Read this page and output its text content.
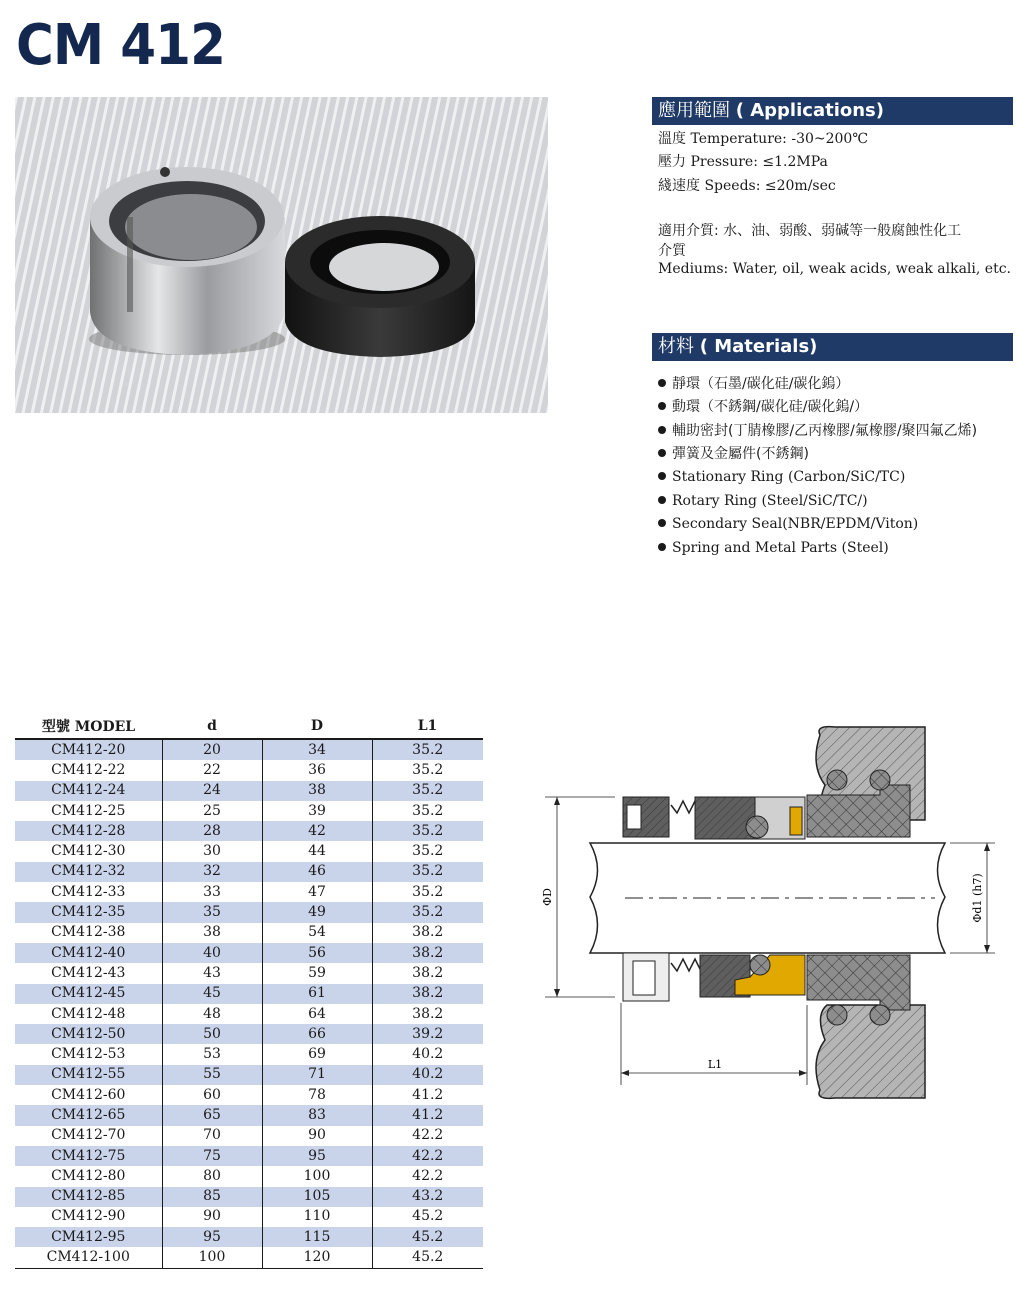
CM 412
應用範圍 ( Applications)
溫度 Temperature: -30~200℃
壓力 Pressure: ≤1.2MPa
綫速度 Speeds: ≤20m/sec
適用介質: 水、油、弱酸、弱碱等一般腐蝕性化工
介質
Mediums: Water, oil, weak acids, weak alkali, etc.
材料 ( Materials)
靜環（石墨/碳化硅/碳化鎢）
動環（不銹鋼/碳化硅/碳化鎢/）
輔助密封(丁腈橡膠/乙丙橡膠/氟橡膠/聚四氟乙烯)
彈簧及金屬件(不銹鋼)
Stationary Ring (Carbon/SiC/TC)
Rotary Ring (Steel/SiC/TC/)
Secondary Seal(NBR/EPDM/Viton)
Spring and Metal Parts (Steel)
型號 MODEL	d	D	L1
CM412-20	20	34	35.2
CM412-22	22	36	35.2
CM412-24	24	38	35.2
CM412-25	25	39	35.2
CM412-28	28	42	35.2
CM412-30	30	44	35.2
CM412-32	32	46	35.2
CM412-33	33	47	35.2
CM412-35	35	49	35.2
CM412-38	38	54	38.2
CM412-40	40	56	38.2
CM412-43	43	59	38.2
CM412-45	45	61	38.2
CM412-48	48	64	38.2
CM412-50	50	66	39.2
CM412-53	53	69	40.2
CM412-55	55	71	40.2
CM412-60	60	78	41.2
CM412-65	65	83	41.2
CM412-70	70	90	42.2
CM412-75	75	95	42.2
CM412-80	80	100	42.2
CM412-85	85	105	43.2
CM412-90	90	110	45.2
CM412-95	95	115	45.2
CM412-100	100	120	45.2
ΦD	Φd1 (h7)
L1
